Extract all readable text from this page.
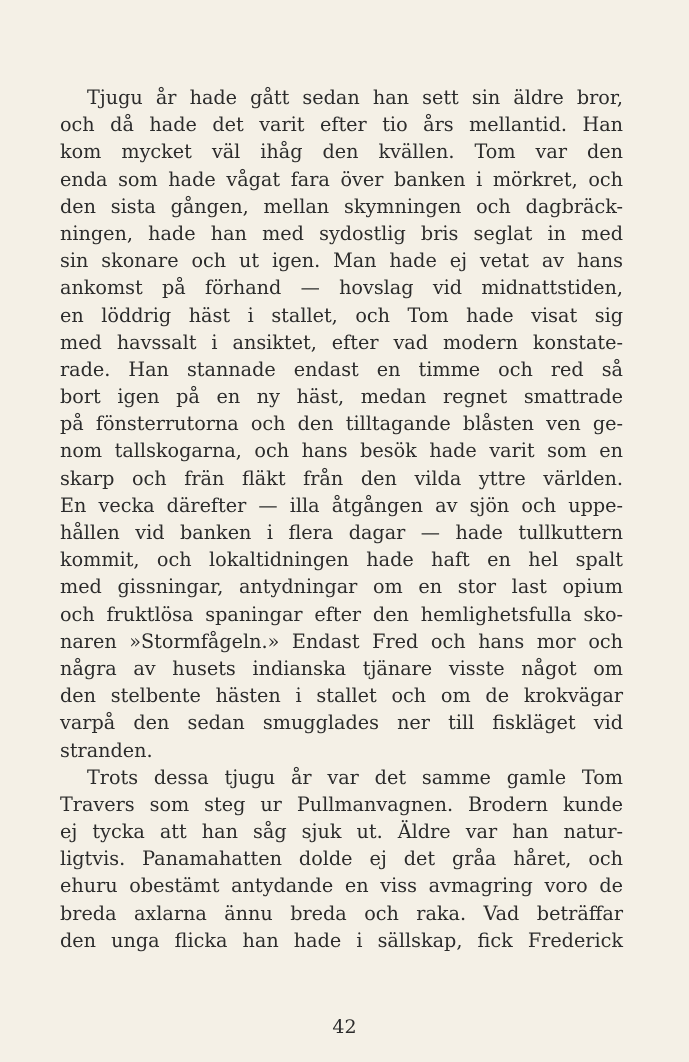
Tjugu år hade gått sedan han sett sin äldre bror,
och då hade det varit efter tio års mellantid. Han
kom mycket väl ihåg den kvällen. Tom var den
enda som hade vågat fara över banken i mörkret, och
den sista gången, mellan skymningen och dagbräck-
ningen, hade han med sydostlig bris seglat in med
sin skonare och ut igen. Man hade ej vetat av hans
ankomst på förhand — hovslag vid midnattstiden,
en löddrig häst i stallet, och Tom hade visat sig
med havssalt i ansiktet, efter vad modern konstate-
rade. Han stannade endast en timme och red så
bort igen på en ny häst, medan regnet smattrade
på fönsterrutorna och den tilltagande blåsten ven ge-
nom tallskogarna, och hans besök hade varit som en
skarp och frän fläkt från den vilda yttre världen.
En vecka därefter — illa åtgången av sjön och uppe-
hållen vid banken i flera dagar — hade tullkuttern
kommit, och lokaltidningen hade haft en hel spalt
med gissningar, antydningar om en stor last opium
och fruktlösa spaningar efter den hemlighetsfulla sko-
naren »Stormfågeln.» Endast Fred och hans mor och
några av husets indianska tjänare visste något om
den stelbente hästen i stallet och om de krokvägar
varpå den sedan smugglades ner till fiskläget vid
stranden.
Trots dessa tjugu år var det samme gamle Tom
Travers som steg ur Pullmanvagnen. Brodern kunde
ej tycka att han såg sjuk ut. Äldre var han natur-
ligtvis. Panamahatten dolde ej det gråa håret, och
ehuru obestämt antydande en viss avmagring voro de
breda axlarna ännu breda och raka. Vad beträffar
den unga flicka han hade i sällskap, fick Frederick
42
